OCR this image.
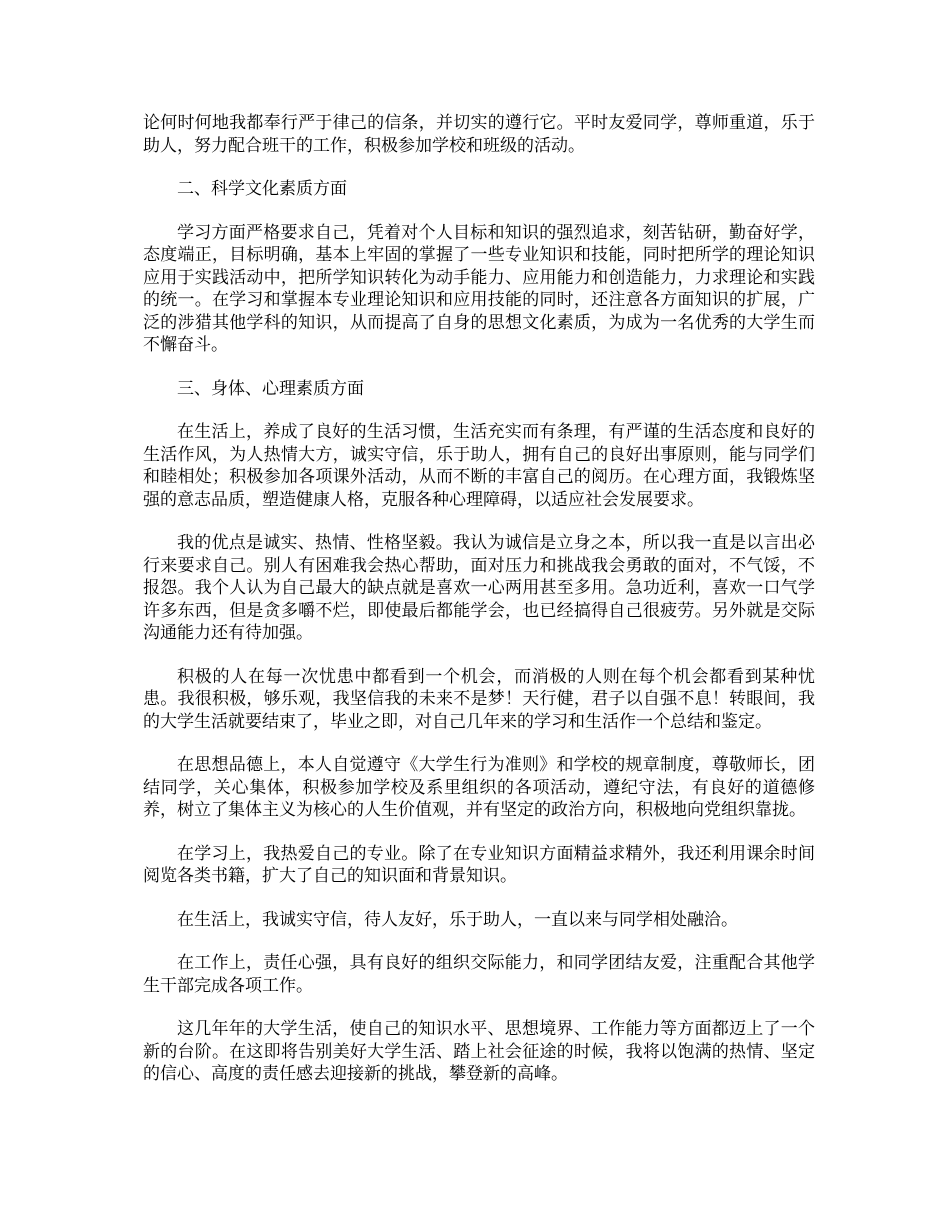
论何时何地我都奉行严于律己的信条，并切实的遵行它。平时友爱同学，尊师重道，乐于助人，努力配合班干的工作，积极参加学校和班级的活动。

二、科学文化素质方面

学习方面严格要求自己，凭着对个人目标和知识的强烈追求，刻苦钻研，勤奋好学，态度端正，目标明确，基本上牢固的掌握了一些专业知识和技能，同时把所学的理论知识应用于实践活动中，把所学知识转化为动手能力、应用能力和创造能力，力求理论和实践的统一。在学习和掌握本专业理论知识和应用技能的同时，还注意各方面知识的扩展，广泛的涉猎其他学科的知识，从而提高了自身的思想文化素质，为成为一名优秀的大学生而不懈奋斗。

三、身体、心理素质方面

在生活上，养成了良好的生活习惯，生活充实而有条理，有严谨的生活态度和良好的生活作风，为人热情大方，诚实守信，乐于助人，拥有自己的良好出事原则，能与同学们和睦相处；积极参加各项课外活动，从而不断的丰富自己的阅历。在心理方面，我锻炼坚强的意志品质，塑造健康人格，克服各种心理障碍，以适应社会发展要求。

我的优点是诚实、热情、性格坚毅。我认为诚信是立身之本，所以我一直是以言出必行来要求自己。别人有困难我会热心帮助，面对压力和挑战我会勇敢的面对，不气馁，不报怨。我个人认为自己最大的缺点就是喜欢一心两用甚至多用。急功近利，喜欢一口气学许多东西，但是贪多嚼不烂，即使最后都能学会，也已经搞得自己很疲劳。另外就是交际沟通能力还有待加强。

积极的人在每一次忧患中都看到一个机会，而消极的人则在每个机会都看到某种忧患。我很积极，够乐观，我坚信我的未来不是梦！天行健，君子以自强不息！转眼间，我的大学生活就要结束了，毕业之即，对自己几年来的学习和生活作一个总结和鉴定。

在思想品德上，本人自觉遵守《大学生行为准则》和学校的规章制度，尊敬师长，团结同学，关心集体，积极参加学校及系里组织的各项活动，遵纪守法，有良好的道德修养，树立了集体主义为核心的人生价值观，并有坚定的政治方向，积极地向党组织靠拢。

在学习上，我热爱自己的专业。除了在专业知识方面精益求精外，我还利用课余时间阅览各类书籍，扩大了自己的知识面和背景知识。

在生活上，我诚实守信，待人友好，乐于助人，一直以来与同学相处融洽。

在工作上，责任心强，具有良好的组织交际能力，和同学团结友爱，注重配合其他学生干部完成各项工作。

这几年年的大学生活，使自己的知识水平、思想境界、工作能力等方面都迈上了一个新的台阶。在这即将告别美好大学生活、踏上社会征途的时候，我将以饱满的热情、坚定的信心、高度的责任感去迎接新的挑战，攀登新的高峰。
